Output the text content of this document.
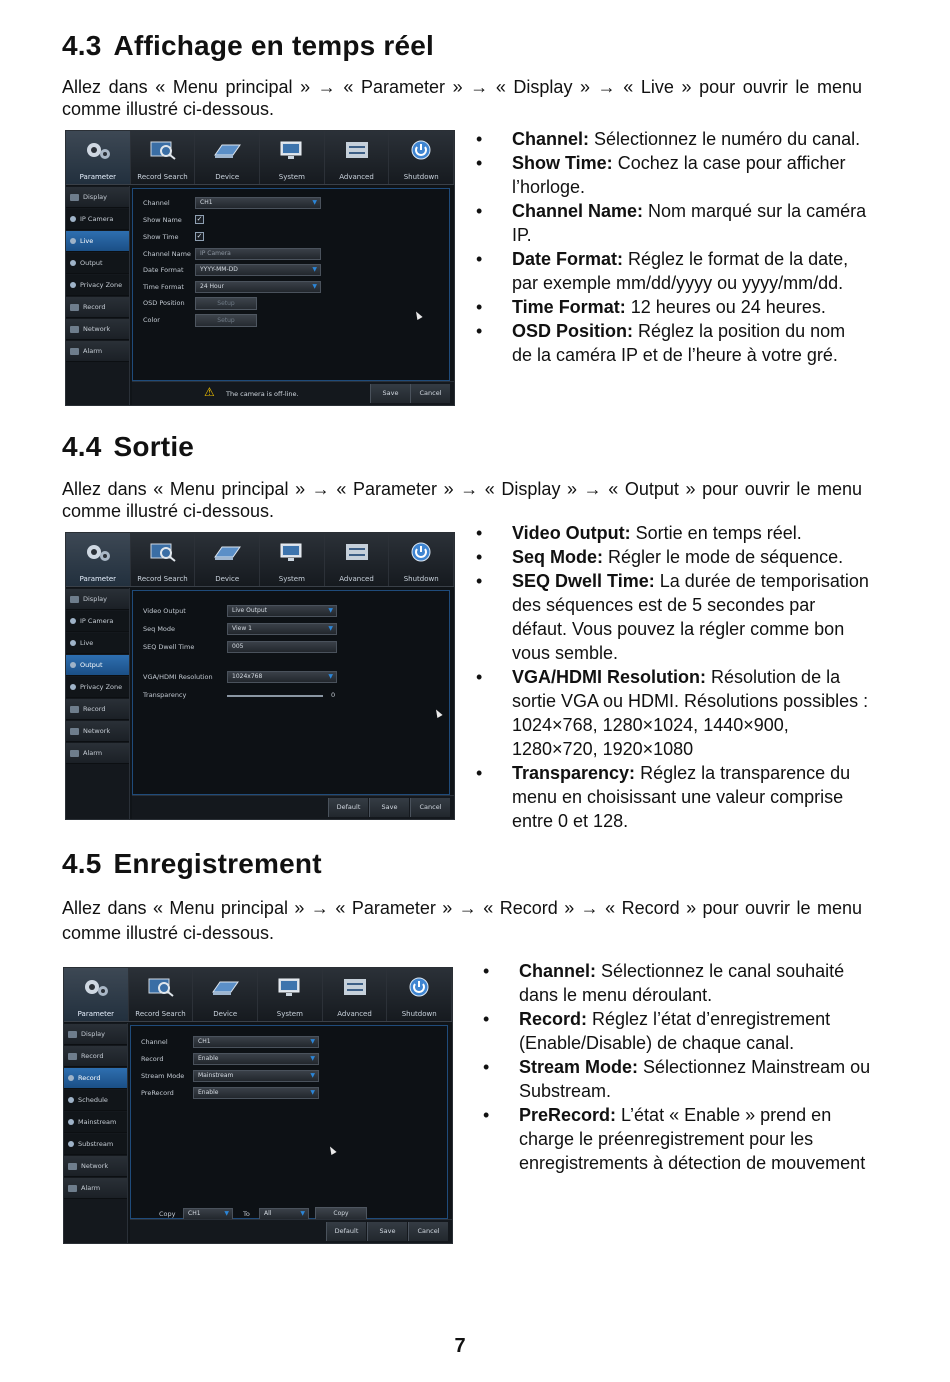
4.3 Affichage en temps réel

Allez dans « Menu principal » → « Parameter » → « Display » → « Live » pour ouvrir le menu comme illustré ci-dessous.

Parameter	Record Search	Device	System	Advanced	Shutdown
Display
IP Camera
Live
Output
Privacy Zone
Record
Network
Alarm
Channel	CH1 ▼
Show Name	✓
Show Time	✓
Channel Name	IP Camera
Date Format	YYYY-MM-DD ▼
Time Format	24 Hour ▼
OSD Position	Setup
Color	Setup
⚠ The camera is off-line.	Save	Cancel
• Channel: Sélectionnez le numéro du canal.
• Show Time: Cochez la case pour afficher l’horloge.
• Channel Name: Nom marqué sur la caméra IP.
• Date Format: Réglez le format de la date, par exemple mm/dd/yyyy ou yyyy/mm/dd.
• Time Format: 12 heures ou 24 heures.
• OSD Position: Réglez la position du nom de la caméra IP et de l’heure à votre gré.
4.4 Sortie

Allez dans « Menu principal » → « Parameter » → « Display » → « Output » pour ouvrir le menu comme illustré ci-dessous.

Parameter	Record Search	Device	System	Advanced	Shutdown
Display
IP Camera
Live
Output
Privacy Zone
Record
Network
Alarm
Video Output	Live Output ▼
Seq Mode	View 1 ▼
SEQ Dwell Time	005
VGA/HDMI Resolution	1024x768 ▼
Transparency	0
Default	Save	Cancel
• Video Output: Sortie en temps réel.
• Seq Mode: Régler le mode de séquence.
• SEQ Dwell Time: La durée de temporisation des séquences est de 5 secondes par défaut. Vous pouvez la régler comme bon vous semble.
• VGA/HDMI Resolution: Résolution de la sortie VGA ou HDMI. Résolutions possibles : 1024×768, 1280×1024, 1440×900, 1280×720, 1920×1080
• Transparency: Réglez la transparence du menu en choisissant une valeur comprise entre 0 et 128.
4.5 Enregistrement

Allez dans « Menu principal » → « Parameter » → « Record » → « Record » pour ouvrir le menu comme illustré ci-dessous.

Parameter	Record Search	Device	System	Advanced	Shutdown
Display
Record
Record
Schedule
Mainstream
Substream
Network
Alarm
Channel	CH1 ▼
Record	Enable ▼
Stream Mode	Mainstream ▼
PreRecord	Enable ▼
Copy	CH1 ▼	To	All ▼	Copy
Default	Save	Cancel
• Channel: Sélectionnez le canal souhaité dans le menu déroulant.
• Record: Réglez l’état d’enregistrement (Enable/Disable) de chaque canal.
• Stream Mode: Sélectionnez Mainstream ou Substream.
• PreRecord: L’état « Enable » prend en charge le préenregistrement pour les enregistrements à détection de mouvement
7
